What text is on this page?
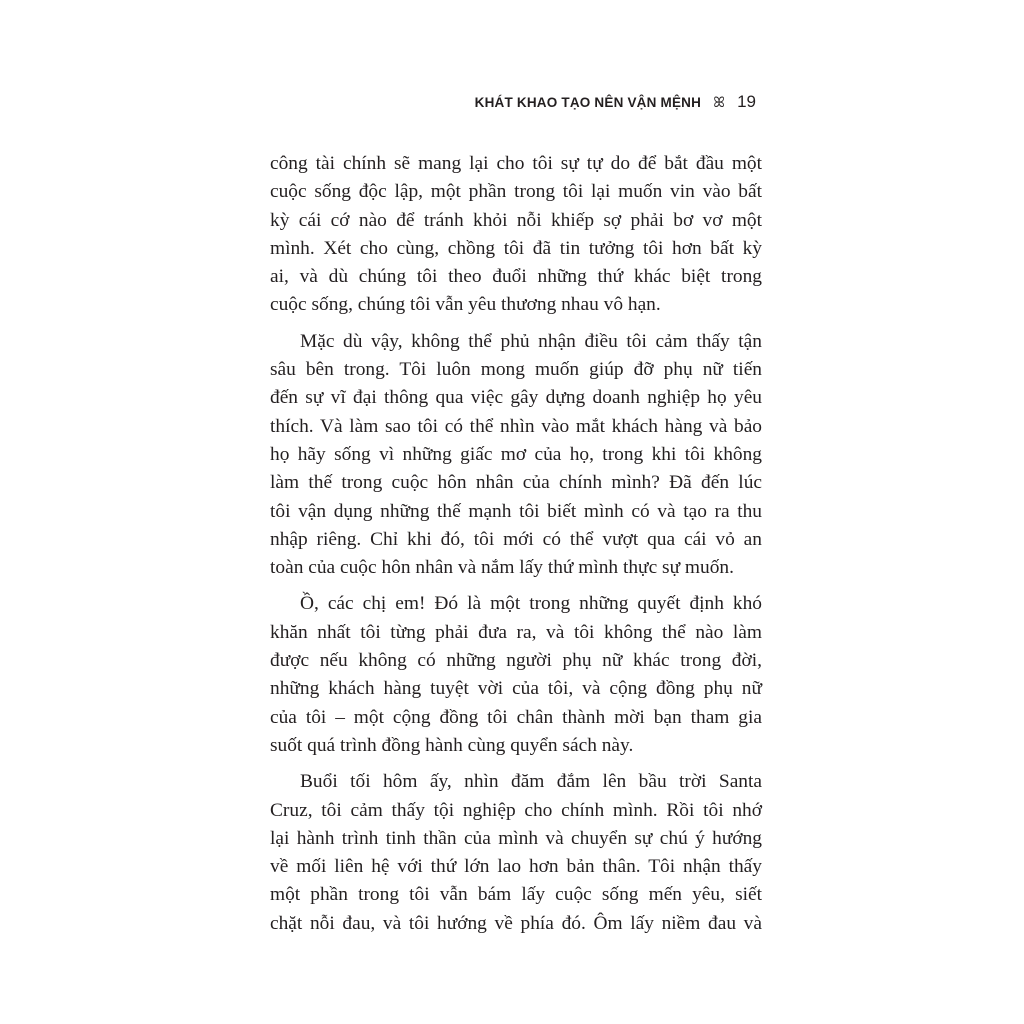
KHÁT KHAO TẠO NÊN VẬN MỆNH ꕤ 19
công tài chính sẽ mang lại cho tôi sự tự do để bắt đầu một
cuộc sống độc lập, một phần trong tôi lại muốn vin vào bất
kỳ cái cớ nào để tránh khỏi nỗi khiếp sợ phải bơ vơ một
mình. Xét cho cùng, chồng tôi đã tin tưởng tôi hơn bất kỳ
ai, và dù chúng tôi theo đuổi những thứ khác biệt trong
cuộc sống, chúng tôi vẫn yêu thương nhau vô hạn.
Mặc dù vậy, không thể phủ nhận điều tôi cảm thấy tận
sâu bên trong. Tôi luôn mong muốn giúp đỡ phụ nữ tiến
đến sự vĩ đại thông qua việc gây dựng doanh nghiệp họ yêu
thích. Và làm sao tôi có thể nhìn vào mắt khách hàng và bảo
họ hãy sống vì những giấc mơ của họ, trong khi tôi không
làm thế trong cuộc hôn nhân của chính mình? Đã đến lúc
tôi vận dụng những thế mạnh tôi biết mình có và tạo ra thu
nhập riêng. Chỉ khi đó, tôi mới có thể vượt qua cái vỏ an
toàn của cuộc hôn nhân và nắm lấy thứ mình thực sự muốn.
Ồ, các chị em! Đó là một trong những quyết định khó
khăn nhất tôi từng phải đưa ra, và tôi không thể nào làm
được nếu không có những người phụ nữ khác trong đời,
những khách hàng tuyệt vời của tôi, và cộng đồng phụ nữ
của tôi – một cộng đồng tôi chân thành mời bạn tham gia
suốt quá trình đồng hành cùng quyển sách này.
Buổi tối hôm ấy, nhìn đăm đắm lên bầu trời Santa
Cruz, tôi cảm thấy tội nghiệp cho chính mình. Rồi tôi nhớ
lại hành trình tinh thần của mình và chuyển sự chú ý hướng
về mối liên hệ với thứ lớn lao hơn bản thân. Tôi nhận thấy
một phần trong tôi vẫn bám lấy cuộc sống mến yêu, siết
chặt nỗi đau, và tôi hướng về phía đó. Ôm lấy niềm đau và
